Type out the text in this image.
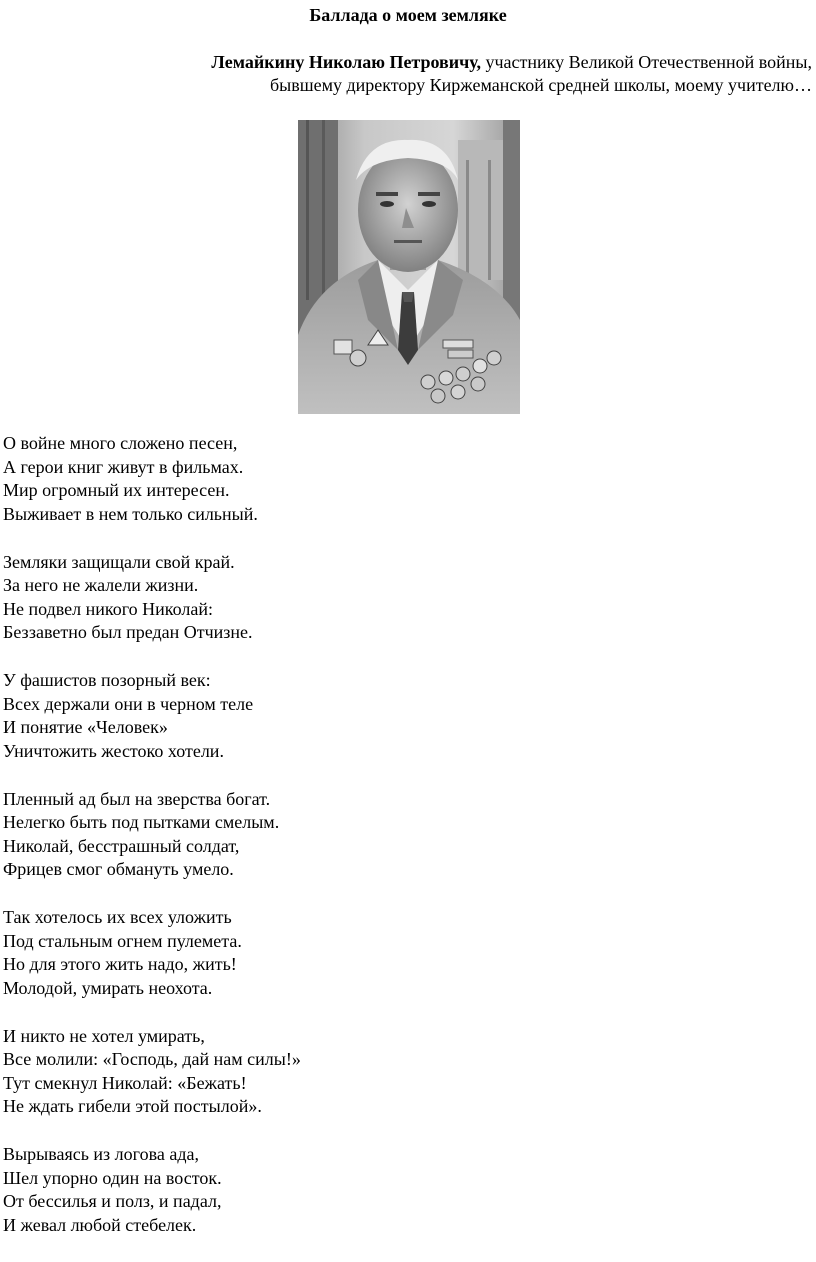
Баллада о моем земляке
Лемайкину Николаю Петровичу, участнику Великой Отечественной войны,
бывшему директору Киржеманской средней школы, моему учителю…
О войне много сложено песен,
А герои книг живут в фильмах.
Мир огромный их интересен.
Выживает в нем только сильный.
Земляки защищали свой край.
За него не жалели жизни.
Не подвел никого Николай:
Беззаветно был предан Отчизне.
У фашистов позорный век:
Всех держали они в черном теле
И понятие «Человек»
Уничтожить жестоко хотели.
Пленный ад был на зверства богат.
Нелегко быть под пытками смелым.
Николай, бесстрашный солдат,
Фрицев смог обмануть умело.
Так хотелось их всех уложить
Под стальным огнем пулемета.
Но для этого жить надо, жить!
Молодой, умирать неохота.
И никто не хотел умирать,
Все молили: «Господь, дай нам силы!»
Тут смекнул Николай: «Бежать!
Не ждать гибели этой постылой».
Вырываясь из логова ада,
Шел упорно один на восток.
От бессилья и полз, и падал,
И жевал любой стебелек.
